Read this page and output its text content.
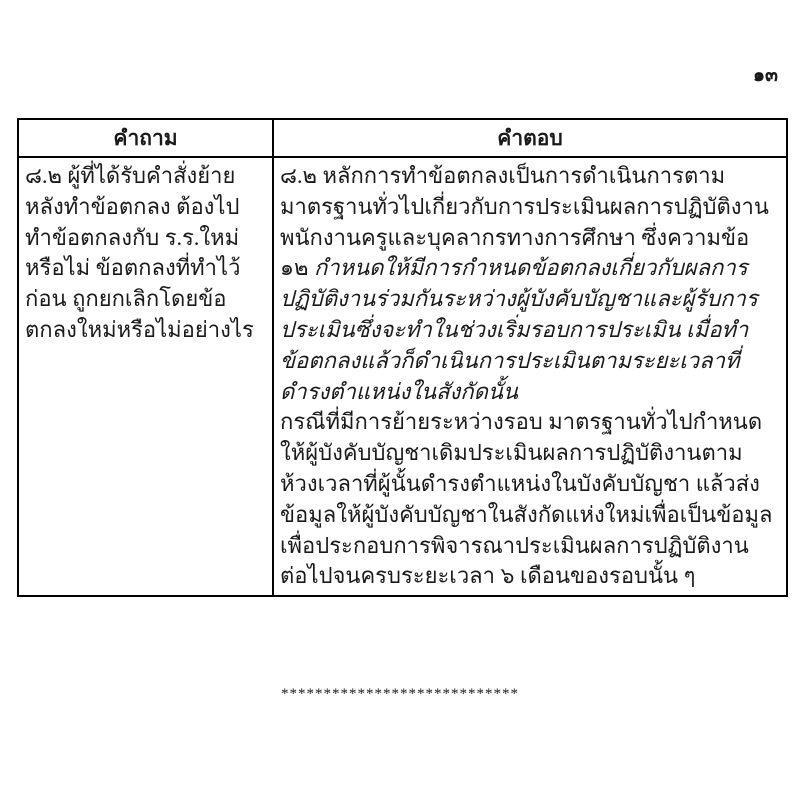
๑๓
คำถาม	คำตอบ

๘.๒ ผู้ที่ได้รับคำสั่งย้ายหลังทำข้อตกลง ต้องไปทำข้อตกลงกับ ร.ร.ใหม่หรือไม่ ข้อตกลงที่ทำไว้ก่อน ถูกยกเลิกโดยข้อตกลงใหม่หรือไม่อย่างไร	๘.๒ หลักการทำข้อตกลงเป็นการดำเนินการตามมาตรฐานทั่วไปเกี่ยวกับการประเมินผลการปฏิบัติงานพนักงานครูและบุคลากรทางการศึกษา ซึ่งความข้อ ๑๒ กำหนดให้มีการกำหนดข้อตกลงเกี่ยวกับผลการปฏิบัติงานร่วมกันระหว่างผู้บังคับบัญชาและผู้รับการประเมินซึ่งจะทำในช่วงเริ่มรอบการประเมิน เมื่อทำข้อตกลงแล้วก็ดำเนินการประเมินตามระยะเวลาที่ดำรงตำแหน่งในสังกัดนั้น

กรณีที่มีการย้ายระหว่างรอบ มาตรฐานทั่วไปกำหนดให้ผู้บังคับบัญชาเดิมประเมินผลการปฏิบัติงานตามห้วงเวลาที่ผู้นั้นดำรงตำแหน่งในบังคับบัญชา แล้วส่งข้อมูลให้ผู้บังคับบัญชาในสังกัดแห่งใหม่เพื่อเป็นข้อมูลเพื่อประกอบการพิจารณาประเมินผลการปฏิบัติงานต่อไปจนครบระยะเวลา ๖ เดือนของรอบนั้น ๆ

****************************
